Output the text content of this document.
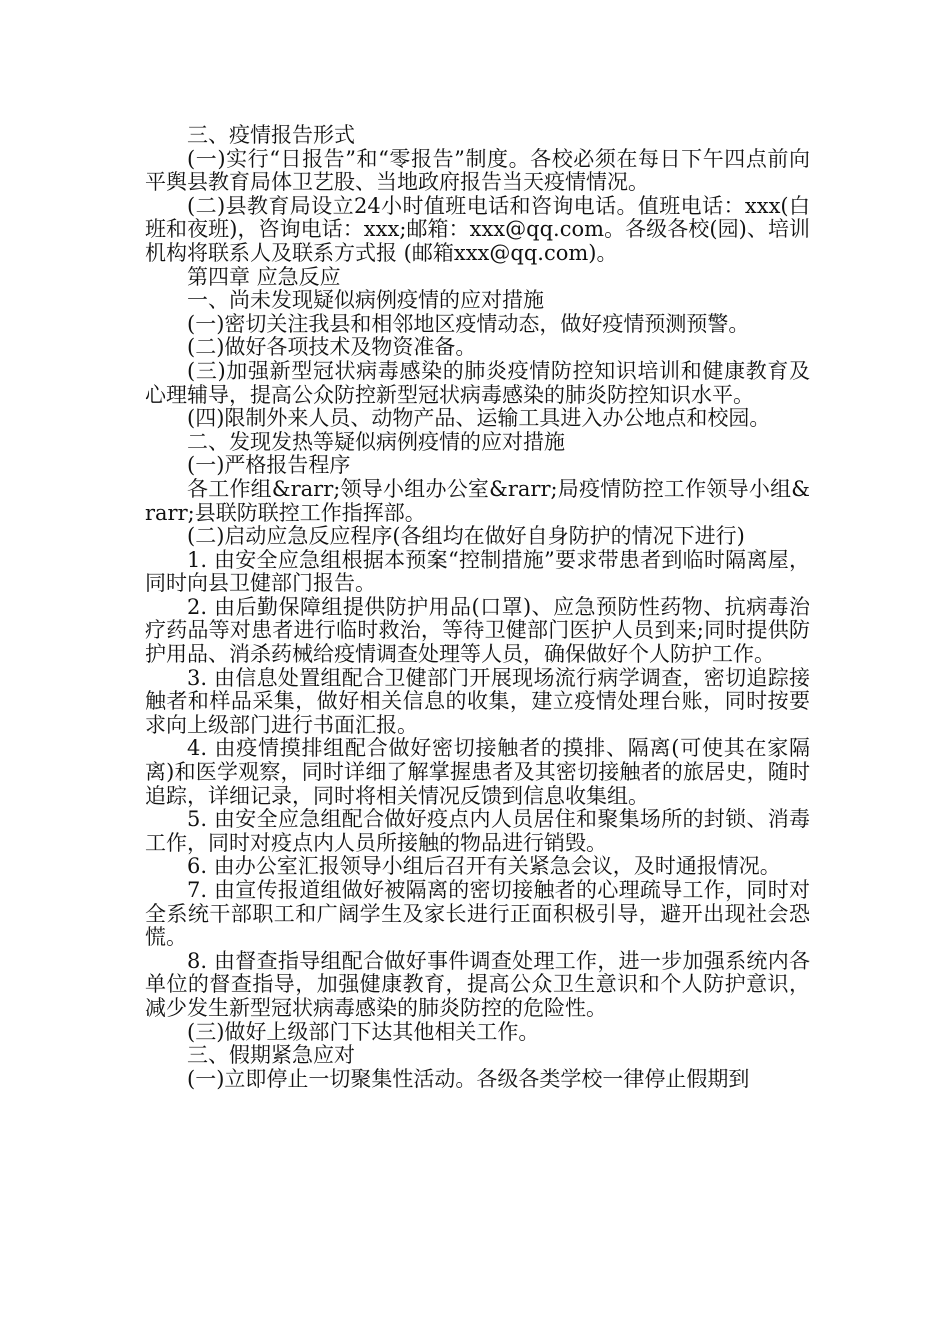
三、疫情报告形式

(一)实行“日报告”和“零报告”制度。各校必须在每日下午四点前向平舆县教育局体卫艺股、当地政府报告当天疫情情况。

(二)县教育局设立24小时值班电话和咨询电话。值班电话：xxx(白班和夜班)，咨询电话：xxx;邮箱：xxx@qq.com。各级各校(园)、培训机构将联系人及联系方式报 (邮箱xxx@qq.com)。

第四章 应急反应

一、尚未发现疑似病例疫情的应对措施

(一)密切关注我县和相邻地区疫情动态，做好疫情预测预警。

(二)做好各项技术及物资准备。

(三)加强新型冠状病毒感染的肺炎疫情防控知识培训和健康教育及心理辅导，提高公众防控新型冠状病毒感染的肺炎防控知识水平。

(四)限制外来人员、动物产品、运输工具进入办公地点和校园。

二、发现发热等疑似病例疫情的应对措施

(一)严格报告程序

各工作组&rarr;领导小组办公室&rarr;局疫情防控工作领导小组&rarr;县联防联控工作指挥部。

(二)启动应急反应程序(各组均在做好自身防护的情况下进行)

1. 由安全应急组根据本预案“控制措施”要求带患者到临时隔离屋，同时向县卫健部门报告。

2. 由后勤保障组提供防护用品(口罩)、应急预防性药物、抗病毒治疗药品等对患者进行临时救治，等待卫健部门医护人员到来;同时提供防护用品、消杀药械给疫情调查处理等人员，确保做好个人防护工作。

3. 由信息处置组配合卫健部门开展现场流行病学调查，密切追踪接触者和样品采集，做好相关信息的收集，建立疫情处理台账，同时按要求向上级部门进行书面汇报。

4. 由疫情摸排组配合做好密切接触者的摸排、隔离(可使其在家隔离)和医学观察，同时详细了解掌握患者及其密切接触者的旅居史，随时追踪，详细记录，同时将相关情况反馈到信息收集组。

5. 由安全应急组配合做好疫点内人员居住和聚集场所的封锁、消毒工作，同时对疫点内人员所接触的物品进行销毁。

6. 由办公室汇报领导小组后召开有关紧急会议，及时通报情况。

7. 由宣传报道组做好被隔离的密切接触者的心理疏导工作，同时对全系统干部职工和广阔学生及家长进行正面积极引导，避开出现社会恐慌。

8. 由督查指导组配合做好事件调查处理工作，进一步加强系统内各单位的督查指导，加强健康教育，提高公众卫生意识和个人防护意识，减少发生新型冠状病毒感染的肺炎防控的危险性。

(三)做好上级部门下达其他相关工作。

三、假期紧急应对

(一)立即停止一切聚集性活动。各级各类学校一律停止假期到
